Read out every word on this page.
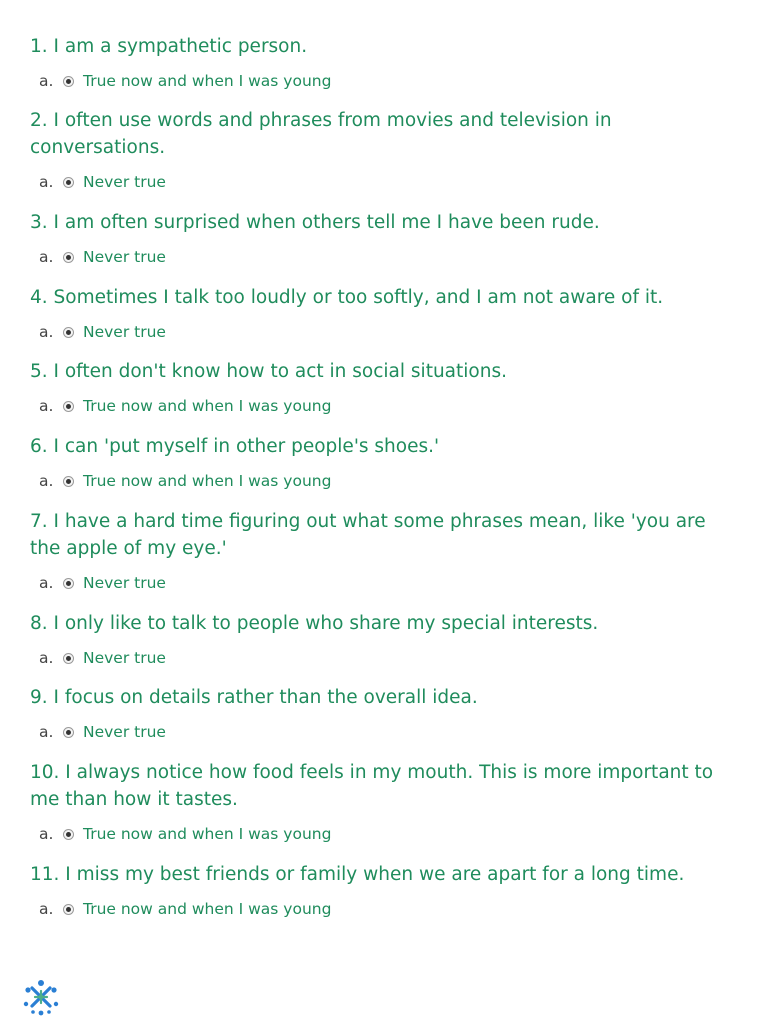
1. I am a sympathetic person.

a.	True now and when I was young

2. I often use words and phrases from movies and television in conversations.

a.	Never true

3. I am often surprised when others tell me I have been rude.

a.	Never true

4. Sometimes I talk too loudly or too softly, and I am not aware of it.

a.	Never true

5. I often don't know how to act in social situations.

a.	True now and when I was young

6. I can 'put myself in other people's shoes.'

a.	True now and when I was young

7. I have a hard time figuring out what some phrases mean, like 'you are the apple of my eye.'

a.	Never true

8. I only like to talk to people who share my special interests.

a.	Never true

9. I focus on details rather than the overall idea.

a.	Never true

10. I always notice how food feels in my mouth. This is more important to me than how it tastes.

a.	True now and when I was young

11. I miss my best friends or family when we are apart for a long time.

a.	True now and when I was young
